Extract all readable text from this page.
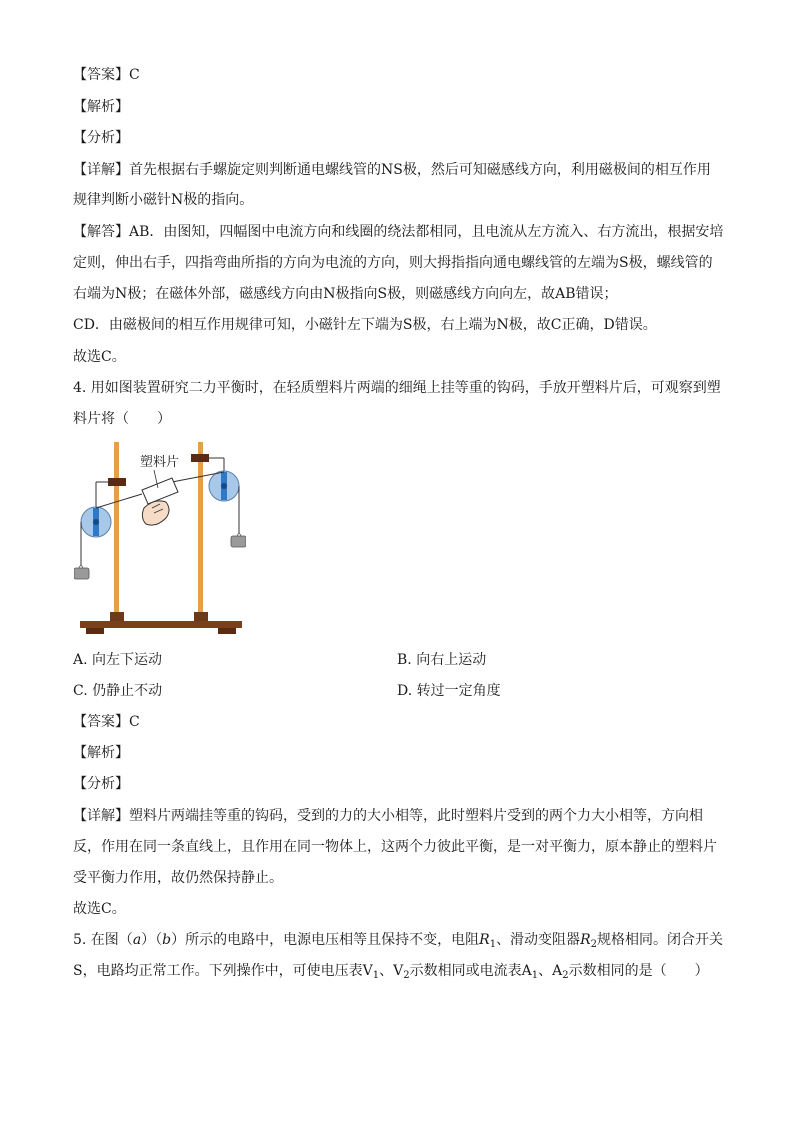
【答案】C
【解析】
【分析】
【详解】首先根据右手螺旋定则判断通电螺线管的NS极，然后可知磁感线方向，利用磁极间的相互作用
规律判断小磁针N极的指向。
【解答】AB．由图知，四幅图中电流方向和线圈的绕法都相同，且电流从左方流入、右方流出，根据安培
定则，伸出右手，四指弯曲所指的方向为电流的方向，则大拇指指向通电螺线管的左端为S极，螺线管的
右端为N极；在磁体外部，磁感线方向由N极指向S极，则磁感线方向向左，故AB错误；
CD．由磁极间的相互作用规律可知，小磁针左下端为S极，右上端为N极，故C正确，D错误。
故选C。
4. 用如图装置研究二力平衡时，在轻质塑料片两端的细绳上挂等重的钩码，手放开塑料片后，可观察到塑
料片将（　　）
塑料片
A. 向左下运动	B. 向右上运动
C. 仍静止不动	D. 转过一定角度
【答案】C
【解析】
【分析】
【详解】塑料片两端挂等重的钩码，受到的力的大小相等，此时塑料片受到的两个力大小相等，方向相
反，作用在同一条直线上，且作用在同一物体上，这两个力彼此平衡，是一对平衡力，原本静止的塑料片
受平衡力作用，故仍然保持静止。
故选C。
5. 在图（a）（b）所示的电路中，电源电压相等且保持不变，电阻$R_1$、滑动变阻器$R_2$规格相同。闭合开关
S，电路均正常工作。下列操作中，可使电压表$V_1$、$V_2$示数相同或电流表$A_1$、$A_2$示数相同的是（　　）
